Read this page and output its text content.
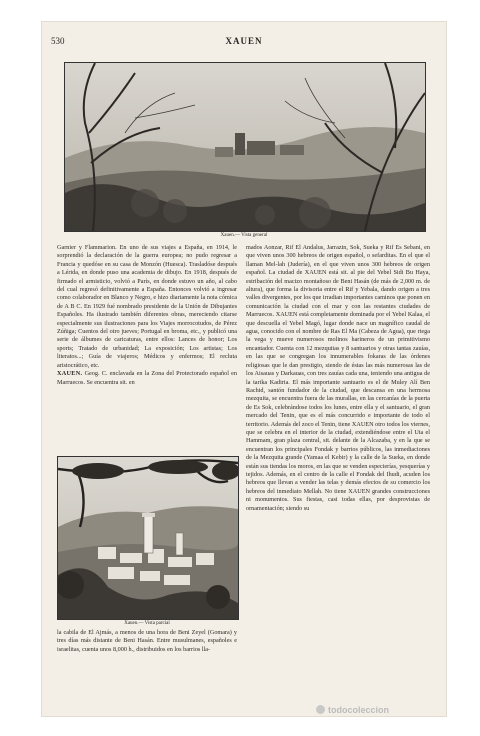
530	XAUEN
Xauen.— Vista general

Garnier y Flammarion. En uno de sus viajes a España, en 1914, le sorprendió la declaración de la guerra europea; no pudo regresar a Francia y quedóse en su casa de Monzón (Huesca). Trasladóse después a Lérida, en donde puso una academia de dibujo. En 1918, después de firmado el armisticio, volvió a París, en donde estuvo un año, al cabo del cual regresó definitivamente a España. Entonces volvió a ingresar como colaborador en Blanco y Negro, e hizo diariamente la nota cómica de A B C. En 1929 fué nombrado presidente de la Unión de Dibujantes Españoles. Ha ilustrado también diferentes obras, mereciendo citarse especialmente sus ilustraciones para los Viajes morrocotudos, de Pérez Zúñiga; Cuentos del otro jueves; Portugal en broma, etc., y publicó una serie de álbumes de caricaturas, entre ellos: Lances de honor; Los sports; Tratado de urbanidad; La exposición; Los artistas; Los literatos...; Guía de viajeros; Médicos y enfermos; El recluta aristocrático, etc.

XAUEN. Geog. C. enclavada en la Zona del Protectorado español en Marruecos. Se encuentra sit. en

mados Aonzar, Rif El Andalus, Jarrazin, Sok, Sueka y Rif Es Sebani, en que viven unos 300 hebreos de origen español, o sefarditas. En el que el llaman Mel-lah (Judería), en el que viven unos 300 hebreos de origen español. La ciudad de XAUEN está sit. al pie del Yebel Sidi Bu Haya, estribación del macizo montañoso de Beni Hasán (de más de 2,000 m. de altura), que forma la divisoria entre el Rif y Yebala, dando origen a tres valles divergentes, por los que irradian importantes caminos que ponen en comunicación la ciudad con el mar y con las restantes ciudades de Marruecos. XAUEN está completamente dominada por el Yebel Kalaa, el que descuella el Yebel Magó, lugar donde nace un magnífico caudal de agua, conocido con el nombre de Ras El Ma (Cabeza de Agua), que riega la vega y mueve numerosos molinos harineros de un primitivismo encantador. Cuenta con 12 mezquitas y 8 santuarios y otras tantas zauías, en las que se congregan los innumerables fokaras de las órdenes religiosas que le dan prestigio, siendo de éstas las más numerosas las de los Aisauas y Darkauas, con tres zauías cada una, teniendo una antigua de la tarika Kadiria. El más importante santuario es el de Muley Alí Ben Rachid, santón fundador de la ciudad, que descansa en una hermosa mezquita, se encuentra fuera de las murallas, en las cercanías de la puerta de Es Sok, celebrándose todos los lunes, entre ella y el santuario, el gran mercado del Tenin, que es el más concurrido e importante de todo el territorio. Además del zoco el Tenin, tiene XAUEN otro todos los viernes, que se celebra en el interior de la ciudad, extendiéndose entre el Uta el Hammam, gran plaza central, sit. delante de la Alcazaba, y en la que se encuentran los principales Fondak y barrios públicos, las inmediaciones de la Mezquita grande (Yamaa el Kebir) y la calle de la Sueka, en donde están sus tiendas los moros, en las que se venden especierías, yesquerías y tejidos. Además, en el centro de la calle el Fondak del Ihudi, acuden los hebreos que llevan a vender las telas y demás efectos de su comercio los hebreos del inmediato Mellah. No tiene XAUEN grandes construcciones ni monumentos. Sus fiestas, casi todas ellas, por desprovistas de ornamentación; siendo su

Xauen.— Vista parcial

la cabila de El Ajmás, a menos de una hora de Beni Zeyel (Gomara) y tres días más distante de Beni Hasán. Entre musulmanes, españoles e israelitas, cuenta unos 8,000 h., distribuidos en los barrios lla-

todocoleccion
